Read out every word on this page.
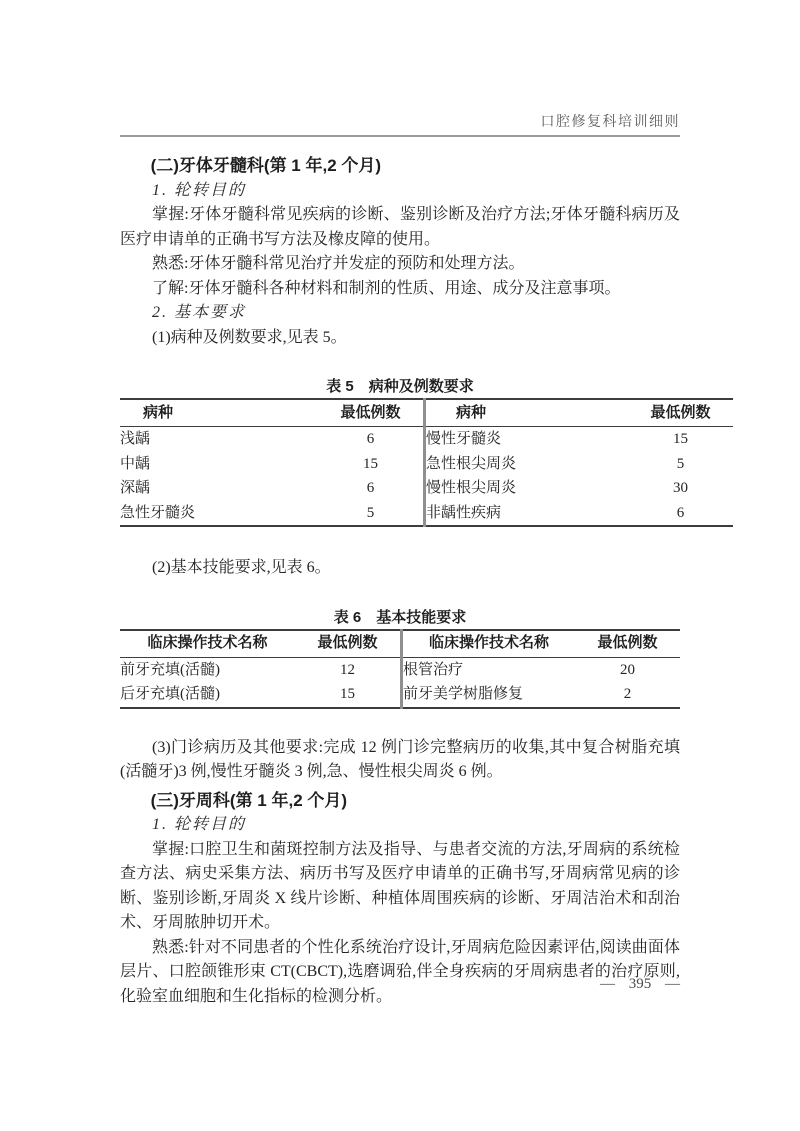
口腔修复科培训细则
(二)牙体牙髓科(第 1 年,2 个月)

1. 轮转目的

掌握:牙体牙髓科常见疾病的诊断、鉴别诊断及治疗方法;牙体牙髓科病历及医疗申请单的正确书写方法及橡皮障的使用。

熟悉:牙体牙髓科常见治疗并发症的预防和处理方法。

了解:牙体牙髓科各种材料和制剂的性质、用途、成分及注意事项。

2. 基本要求

(1)病种及例数要求,见表 5。

表 5　病种及例数要求
病种	最低例数	病种	最低例数
浅龋	6	慢性牙髓炎	15
中龋	15	急性根尖周炎	5
深龋	6	慢性根尖周炎	30
急性牙髓炎	5	非龋性疾病	6

(2)基本技能要求,见表 6。

表 6　基本技能要求
临床操作技术名称	最低例数	临床操作技术名称	最低例数
前牙充填(活髓)	12	根管治疗	20
后牙充填(活髓)	15	前牙美学树脂修复	2

(3)门诊病历及其他要求:完成 12 例门诊完整病历的收集,其中复合树脂充填(活髓牙)3 例,慢性牙髓炎 3 例,急、慢性根尖周炎 6 例。

(三)牙周科(第 1 年,2 个月)

1. 轮转目的

掌握:口腔卫生和菌斑控制方法及指导、与患者交流的方法,牙周病的系统检查方法、病史采集方法、病历书写及医疗申请单的正确书写,牙周病常见病的诊断、鉴别诊断,牙周炎 X 线片诊断、种植体周围疾病的诊断、牙周洁治术和刮治术、牙周脓肿切开术。

熟悉:针对不同患者的个性化系统治疗设计,牙周病危险因素评估,阅读曲面体层片、口腔颌锥形束 CT(CBCT),选磨调𬌗,伴全身疾病的牙周病患者的治疗原则,化验室血细胞和生化指标的检测分析。

— 395 —
